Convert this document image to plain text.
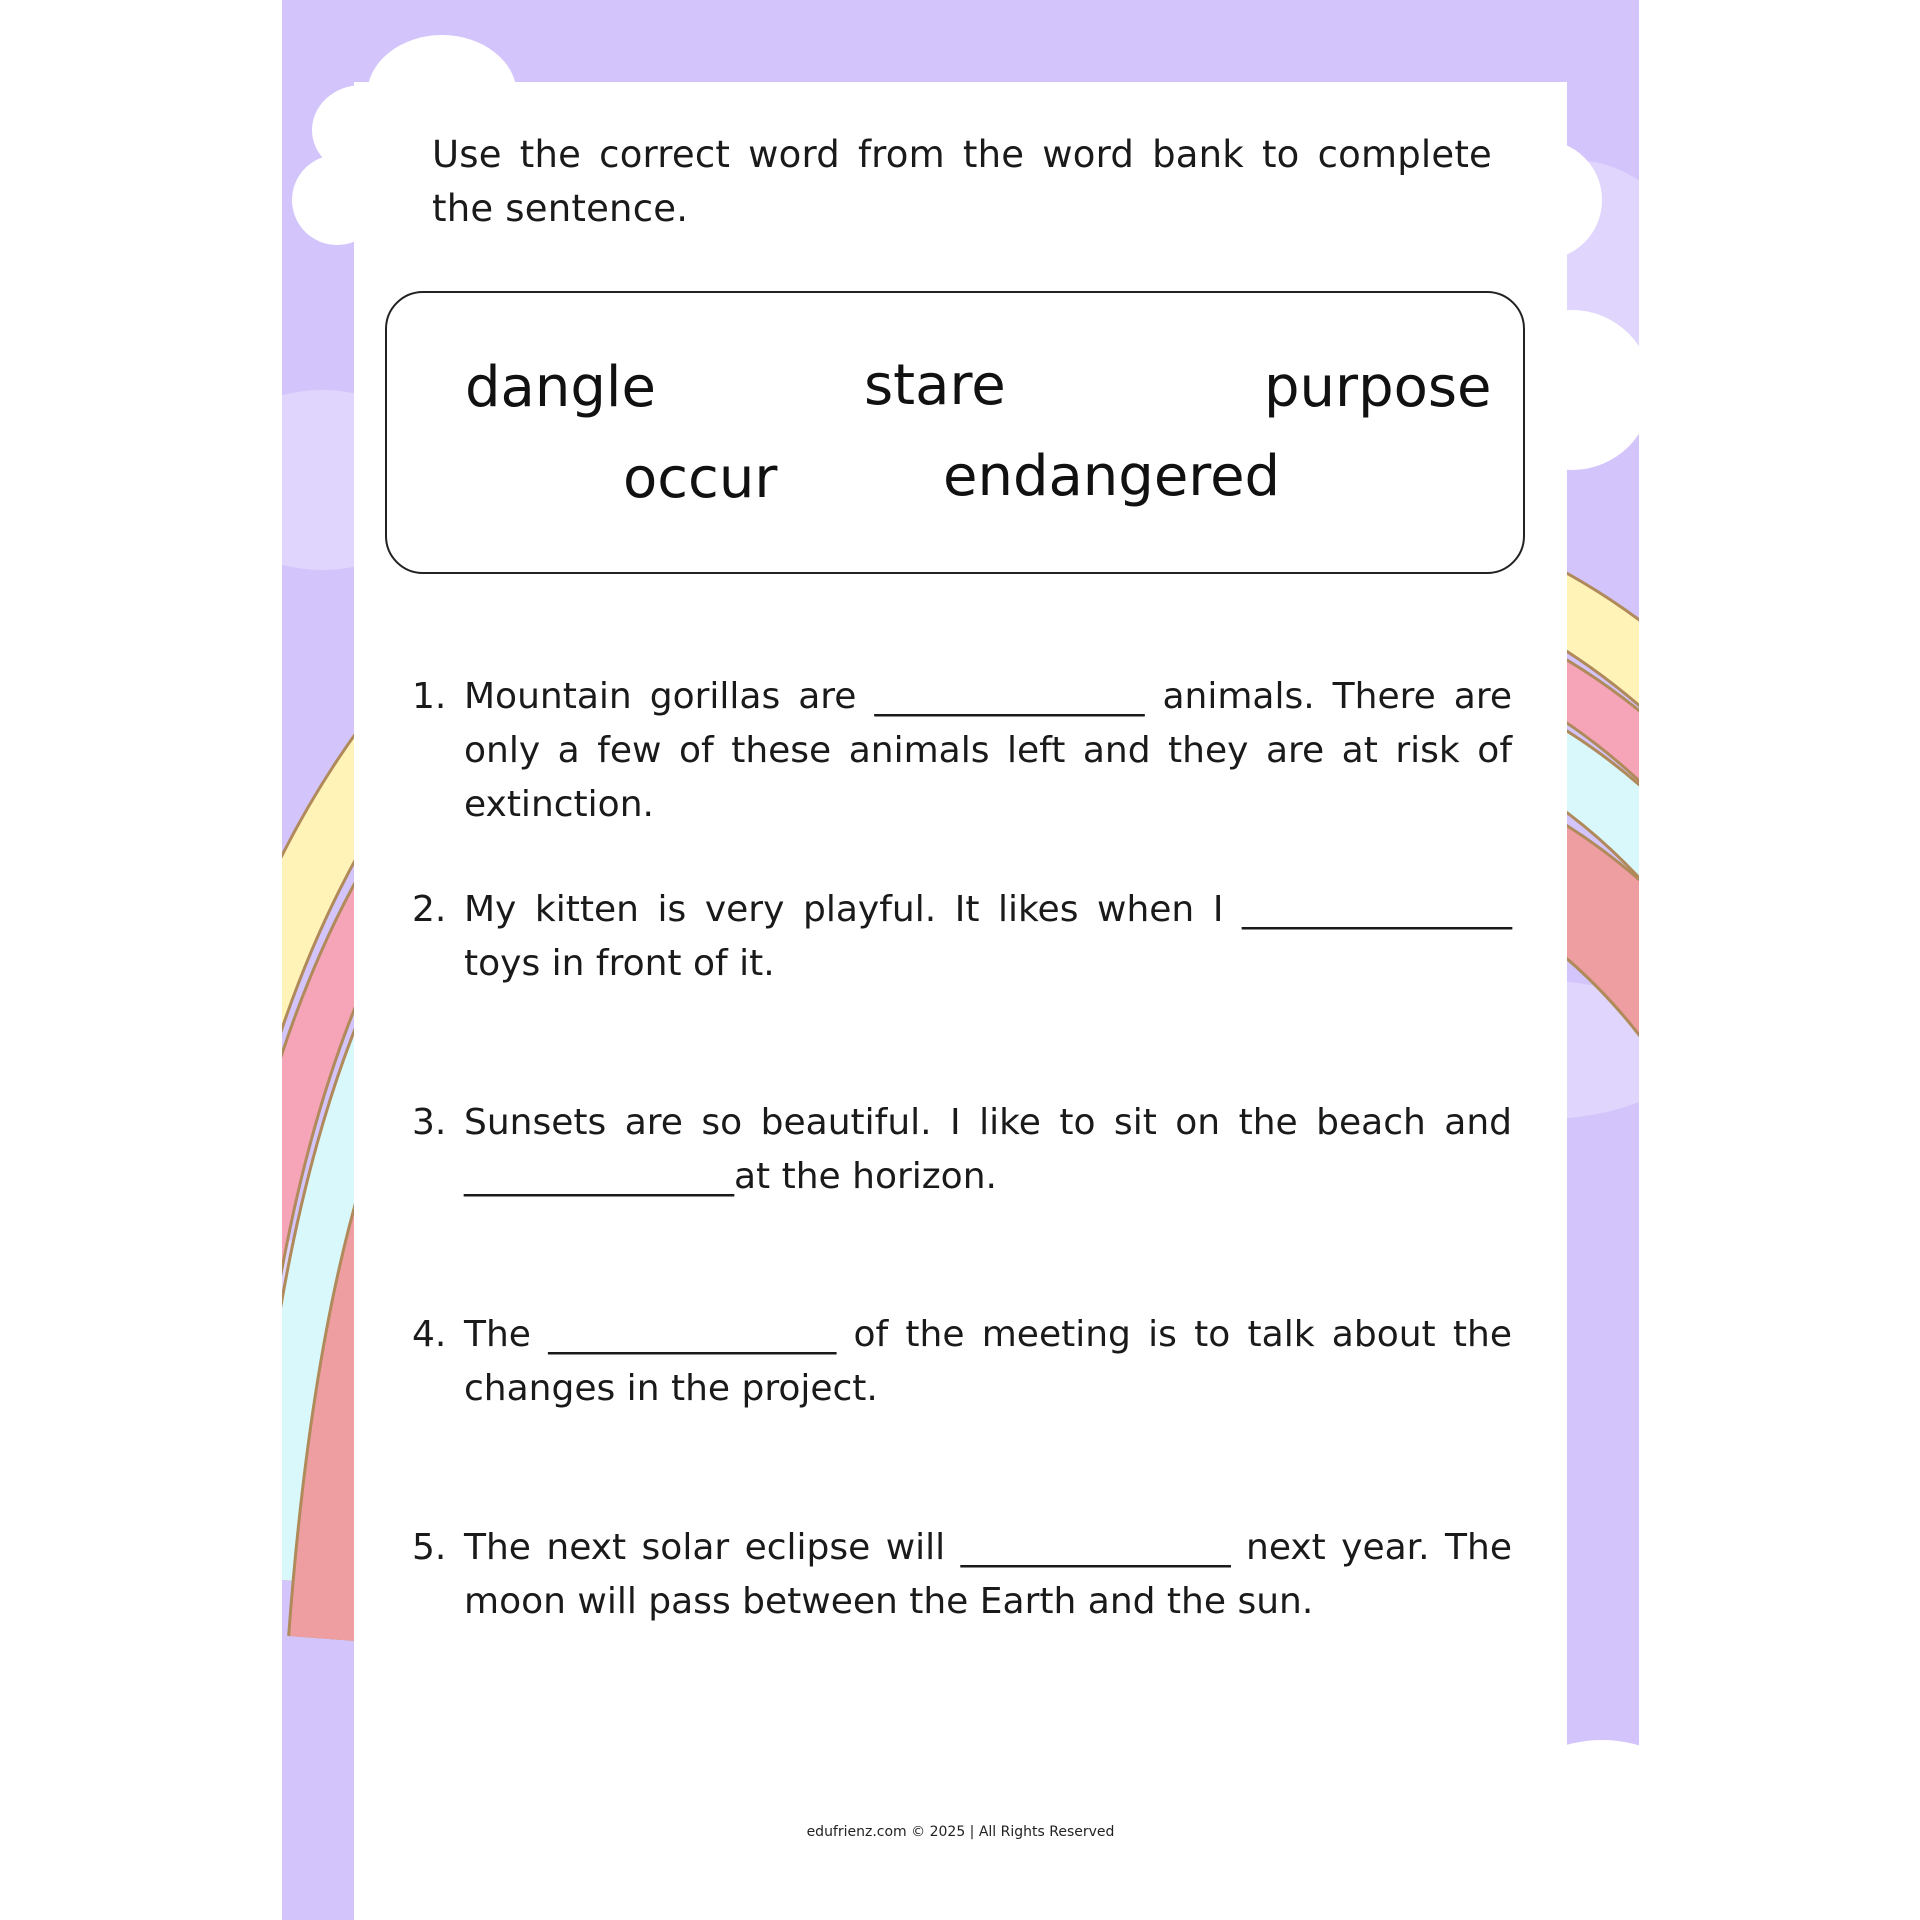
Use the correct word from the word bank to complete the sentence.
dangle	stare	purpose
occur	endangered
1. Mountain gorillas are _______________ animals. There are only a few of these animals left and they are at risk of extinction.
2. My kitten is very playful. It likes when I _______________ toys in front of it.
3. Sunsets are so beautiful. I like to sit on the beach and _______________at the horizon.
4. The ________________ of the meeting is to talk about the changes in the project.
5. The next solar eclipse will _______________ next year. The moon will pass between the Earth and the sun.
edufrienz.com © 2025 | All Rights Reserved
